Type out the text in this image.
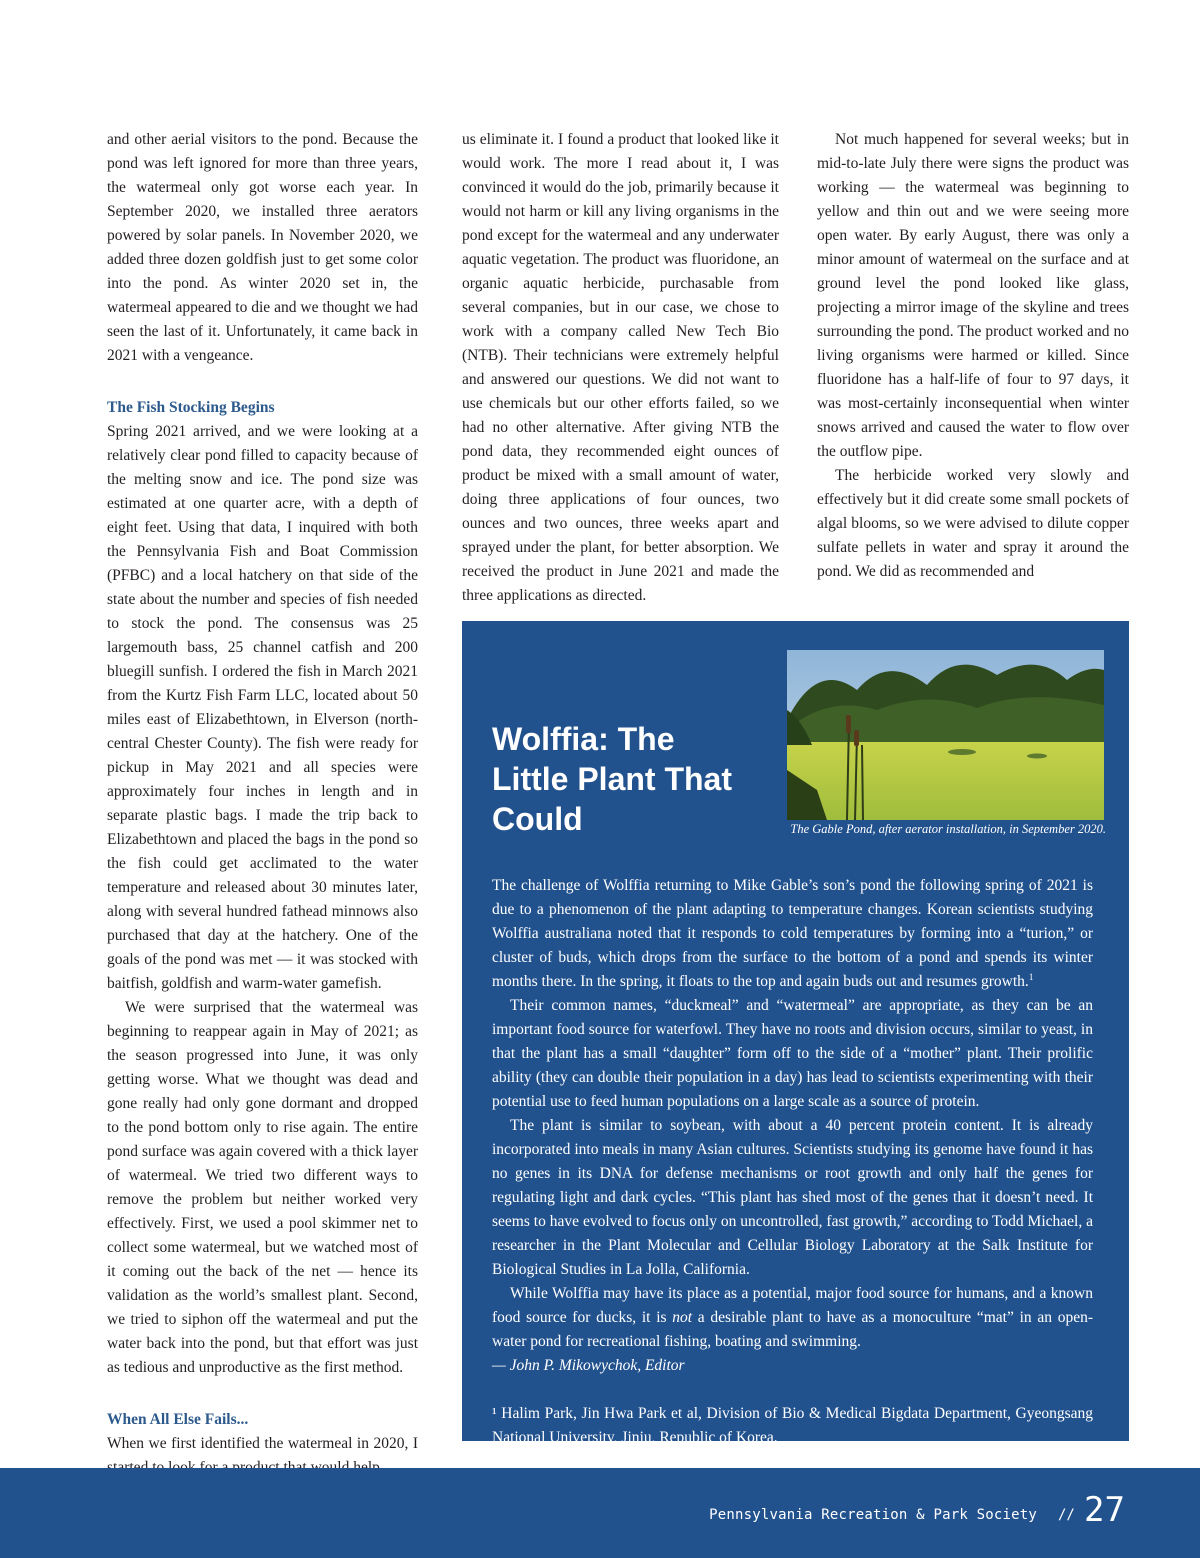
and other aerial visitors to the pond. Because the pond was left ignored for more than three years, the watermeal only got worse each year. In September 2020, we installed three aerators powered by solar panels. In November 2020, we added three dozen goldfish just to get some color into the pond. As winter 2020 set in, the watermeal appeared to die and we thought we had seen the last of it. Unfortunately, it came back in 2021 with a vengeance.

The Fish Stocking Begins

Spring 2021 arrived, and we were looking at a relatively clear pond filled to capacity because of the melting snow and ice. The pond size was estimated at one quarter acre, with a depth of eight feet. Using that data, I inquired with both the Pennsylvania Fish and Boat Commission (PFBC) and a local hatchery on that side of the state about the number and species of fish needed to stock the pond. The consensus was 25 largemouth bass, 25 channel catfish and 200 bluegill sunfish. I ordered the fish in March 2021 from the Kurtz Fish Farm LLC, located about 50 miles east of Elizabethtown, in Elverson (north-central Chester County). The fish were ready for pickup in May 2021 and all species were approximately four inches in length and in separate plastic bags. I made the trip back to Elizabethtown and placed the bags in the pond so the fish could get acclimated to the water temperature and released about 30 minutes later, along with several hundred fathead minnows also purchased that day at the hatchery. One of the goals of the pond was met — it was stocked with baitfish, goldfish and warm-water gamefish.

We were surprised that the watermeal was beginning to reappear again in May of 2021; as the season progressed into June, it was only getting worse. What we thought was dead and gone really had only gone dormant and dropped to the pond bottom only to rise again. The entire pond surface was again covered with a thick layer of watermeal. We tried two different ways to remove the problem but neither worked very effectively. First, we used a pool skimmer net to collect some watermeal, but we watched most of it coming out the back of the net — hence its validation as the world’s smallest plant. Second, we tried to siphon off the watermeal and put the water back into the pond, but that effort was just as tedious and unproductive as the first method.

When All Else Fails...

When we first identified the watermeal in 2020, I

us eliminate it. I found a product that looked like it would work. The more I read about it, I was convinced it would do the job, primarily because it would not harm or kill any living organisms in the pond except for the watermeal and any underwater aquatic vegetation. The product was fluoridone, an organic aquatic herbicide, purchasable from several companies, but in our case, we chose to work with a company called New Tech Bio (NTB). Their technicians were extremely helpful and answered our questions. We did not want to use chemicals but our other efforts failed, so we had no other alternative. After giving NTB the pond data, they recommended eight ounces of product be mixed with a small amount of water, doing three applications of four ounces, two ounces and two ounces, three weeks apart and sprayed under the plant, for better absorption. We received the product in June 2021 and made the three applications as directed.

Not much happened for several weeks; but in mid-to-late July there were signs the product was working — the watermeal was beginning to yellow and thin out and we were seeing more open water. By early August, there was only a minor amount of watermeal on the surface and at ground level the pond looked like glass, projecting a mirror image of the skyline and trees surrounding the pond. The product worked and no living organisms were harmed or killed. Since fluoridone has a half-life of four to 97 days, it was most-certainly inconsequential when winter snows arrived and caused the water to flow over the outflow pipe.

The herbicide worked very slowly and effectively but it did create some small pockets of algal blooms, so we were advised to dilute copper sulfate pellets in water and spray it around the pond. We did as recommended and

Wolffia: The Little Plant That Could	The Gable Pond, after aerator installation, in September 2020.

The challenge of Wolffia returning to Mike Gable’s son’s pond the following spring of 2021 is due to a phenomenon of the plant adapting to temperature changes. Korean scientists studying Wolffia australiana noted that it responds to cold temperatures by forming into a “turion,” or cluster of buds, which drops from the surface to the bottom of a pond and spends its winter months there. In the spring, it floats to the top and again buds out and resumes growth.$^1$

Their common names, “duckmeal” and “watermeal” are appropriate, as they can be an important food source for waterfowl. They have no roots and division occurs, similar to yeast, in that the plant has a small “daughter” form off to the side of a “mother” plant. Their prolific ability (they can double their population in a day) has lead to scientists experimenting with their potential use to feed human populations on a large scale as a source of protein.

The plant is similar to soybean, with about a 40 percent protein content. It is already incorporated into meals in many Asian cultures. Scientists studying its genome have found it has no genes in its DNA for defense mechanisms or root growth and only half the genes for regulating light and dark cycles. “This plant has shed most of the genes that it doesn’t need. It seems to have evolved to focus only on uncontrolled, fast growth,” according to Todd Michael, a researcher in the Plant Molecular and Cellular Biology Laboratory at the Salk Institute for Biological Studies in La Jolla, California.

While Wolffia may have its place as a potential, major food source for humans, and a known food source for ducks, it is not a desirable plant to have as a monoculture “mat” in an open-water pond for recreational fishing, boating and swimming.

— John P. Mikowychok, Editor

¹ Halim Park, Jin Hwa Park et al, Division of Bio & Medical Bigdata Department, Gyeongsang National University, Jinju, Republic of Korea.

Pennsylvania Recreation & Park Society // 27
